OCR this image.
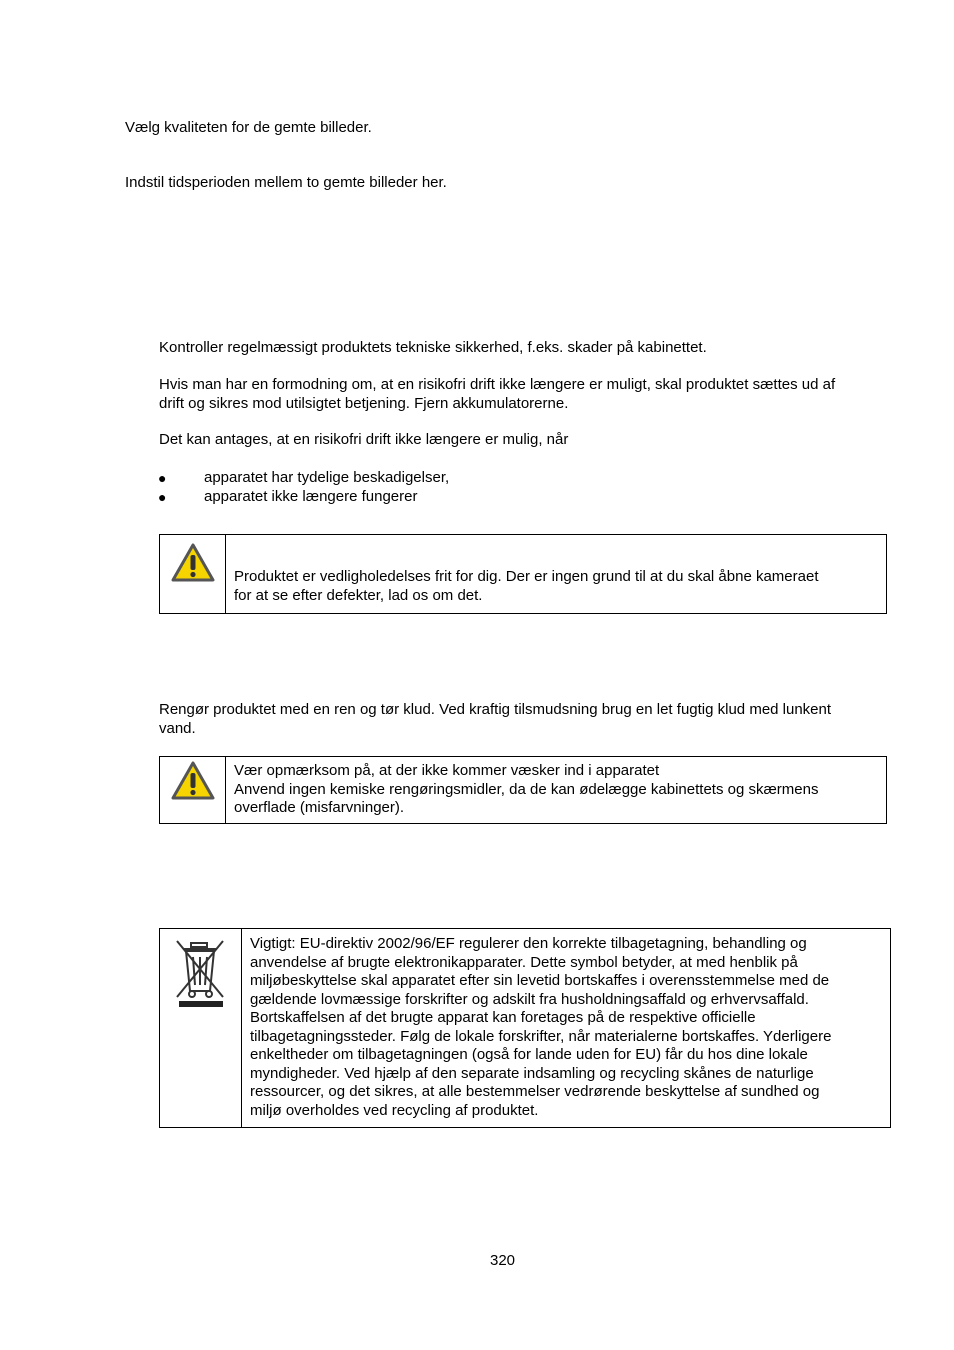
Vælg kvaliteten for de gemte billeder.
Indstil tidsperioden mellem to gemte billeder her.
Kontroller regelmæssigt produktets tekniske sikkerhed, f.eks. skader på kabinettet.
Hvis man har en formodning om, at en risikofri drift ikke længere er muligt, skal produktet sættes ud af
drift og sikres mod utilsigtet betjening. Fjern akkumulatorerne.
Det kan antages, at en risikofri drift ikke længere er mulig, når
●	apparatet har tydelige beskadigelser,
●	apparatet ikke længere fungerer

Produktet er vedligholedelses frit for dig. Der er ingen grund til at du skal åbne kameraet
for at se efter defekter, lad os om det.
Rengør produktet med en ren og tør klud. Ved kraftig tilsmudsning brug en let fugtig klud med lunkent
vand.

Vær opmærksom på, at der ikke kommer væsker ind i apparatet
Anvend ingen kemiske rengøringsmidler, da de kan ødelægge kabinettets og skærmens
overflade (misfarvninger).

Vigtigt: EU-direktiv 2002/96/EF regulerer den korrekte tilbagetagning, behandling og
anvendelse af brugte elektronikapparater. Dette symbol betyder, at med henblik på
miljøbeskyttelse skal apparatet efter sin levetid bortskaffes i overensstemmelse med de
gældende lovmæssige forskrifter og adskilt fra husholdningsaffald og erhvervsaffald.
Bortskaffelsen af det brugte apparat kan foretages på de respektive officielle
tilbagetagningssteder. Følg de lokale forskrifter, når materialerne bortskaffes. Yderligere
enkeltheder om tilbagetagningen (også for lande uden for EU) får du hos dine lokale
myndigheder. Ved hjælp af den separate indsamling og recycling skånes de naturlige
ressourcer, og det sikres, at alle bestemmelser vedrørende beskyttelse af sundhed og
miljø overholdes ved recycling af produktet.
320
